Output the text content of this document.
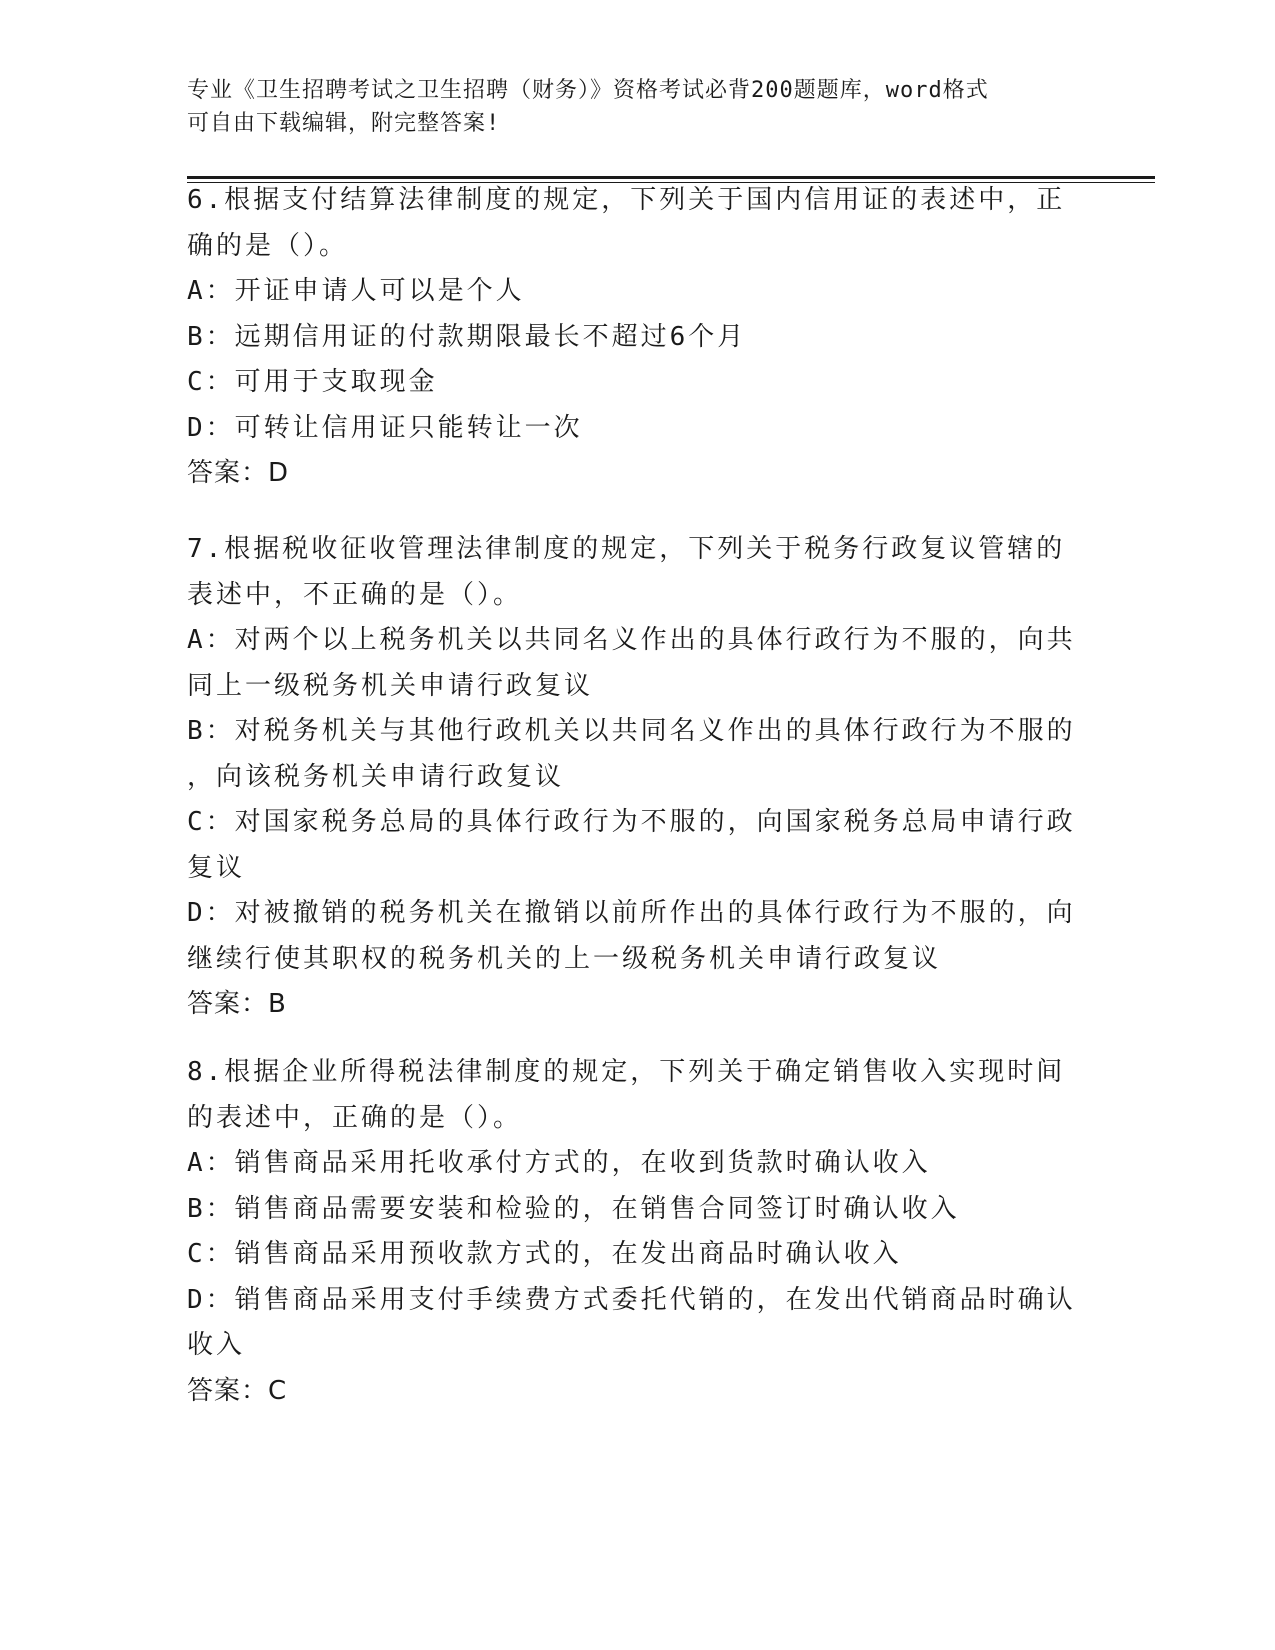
专业《卫生招聘考试之卫生招聘（财务）》资格考试必背200题题库，word格式
可自由下载编辑，附完整答案!
6.根据支付结算法律制度的规定，下列关于国内信用证的表述中，正
确的是（）。
A：开证申请人可以是个人
B：远期信用证的付款期限最长不超过6个月
C：可用于支取现金
D：可转让信用证只能转让一次
答案：D
7.根据税收征收管理法律制度的规定，下列关于税务行政复议管辖的
表述中，不正确的是（）。
A：对两个以上税务机关以共同名义作出的具体行政行为不服的，向共
同上一级税务机关申请行政复议
B：对税务机关与其他行政机关以共同名义作出的具体行政行为不服的
，向该税务机关申请行政复议
C：对国家税务总局的具体行政行为不服的，向国家税务总局申请行政
复议
D：对被撤销的税务机关在撤销以前所作出的具体行政行为不服的，向
继续行使其职权的税务机关的上一级税务机关申请行政复议
答案：B
8.根据企业所得税法律制度的规定，下列关于确定销售收入实现时间
的表述中，正确的是（）。
A：销售商品采用托收承付方式的，在收到货款时确认收入
B：销售商品需要安装和检验的，在销售合同签订时确认收入
C：销售商品采用预收款方式的，在发出商品时确认收入
D：销售商品采用支付手续费方式委托代销的，在发出代销商品时确认
收入
答案：C
